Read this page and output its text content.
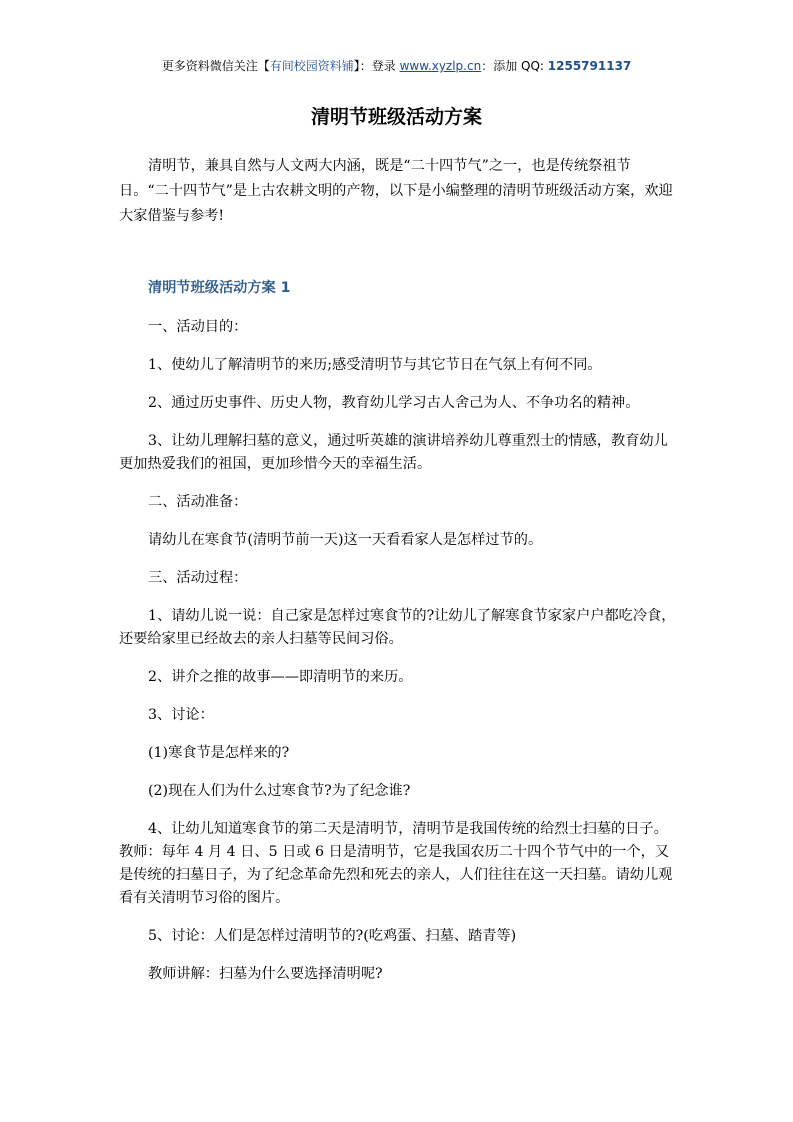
更多资料微信关注【有间校园资料铺】：登录 www.xyzlp.cn：添加 QQ: 1255791137
清明节班级活动方案

清明节，兼具自然与人文两大内涵，既是“二十四节气”之一，也是传统祭祖节日。“二十四节气”是上古农耕文明的产物，以下是小编整理的清明节班级活动方案，欢迎大家借鉴与参考!

清明节班级活动方案 1

一、活动目的：

1、使幼儿了解清明节的来历;感受清明节与其它节日在气氛上有何不同。

2、通过历史事件、历史人物，教育幼儿学习古人舍己为人、不争功名的精神。

3、让幼儿理解扫墓的意义，通过听英雄的演讲培养幼儿尊重烈士的情感，教育幼儿更加热爱我们的祖国，更加珍惜今天的幸福生活。

二、活动准备：

请幼儿在寒食节(清明节前一天)这一天看看家人是怎样过节的。

三、活动过程：

1、请幼儿说一说：自己家是怎样过寒食节的?让幼儿了解寒食节家家户户都吃冷食，还要给家里已经故去的亲人扫墓等民间习俗。

2、讲介之推的故事——即清明节的来历。

3、讨论：

(1)寒食节是怎样来的?

(2)现在人们为什么过寒食节?为了纪念谁?

4、让幼儿知道寒食节的第二天是清明节，清明节是我国传统的给烈士扫墓的日子。教师：每年 4 月 4 日、5 日或 6 日是清明节，它是我国农历二十四个节气中的一个，又是传统的扫墓日子，为了纪念革命先烈和死去的亲人，人们往往在这一天扫墓。请幼儿观看有关清明节习俗的图片。

5、讨论：人们是怎样过清明节的?(吃鸡蛋、扫墓、踏青等)

教师讲解：扫墓为什么要选择清明呢?
